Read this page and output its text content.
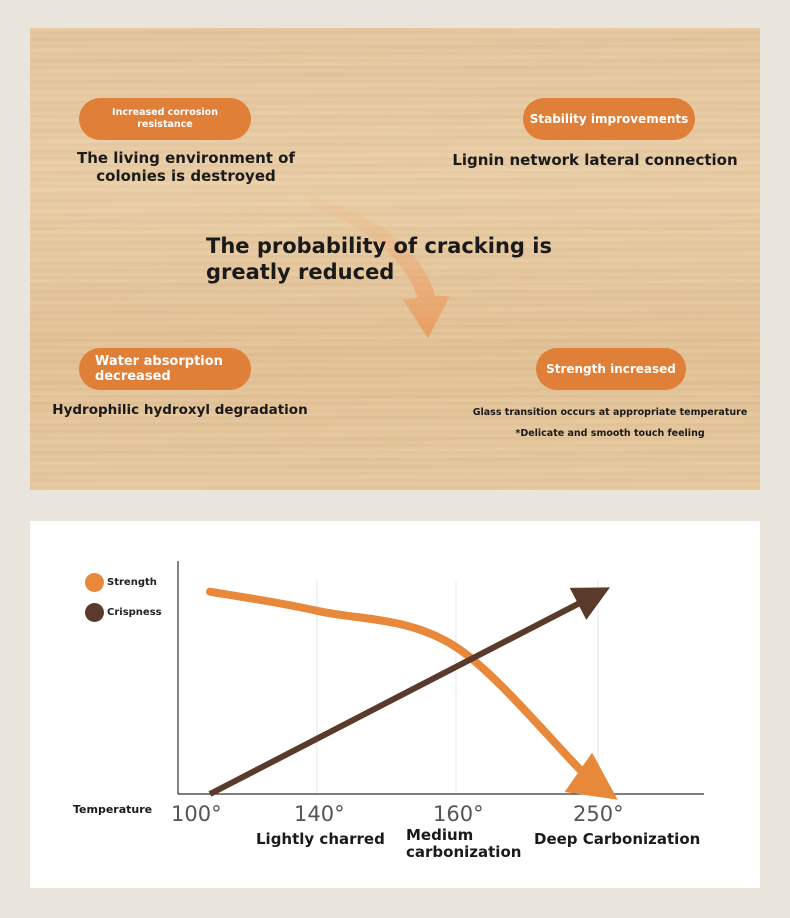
Increased corrosion resistance	Stability improvements
The living environment of colonies is destroyed
Lignin network lateral connection
The probability of cracking is greatly reduced
Water absorption decreased	Strength increased
Hydrophilic hydroxyl degradation	Glass transition occurs at appropriate temperature
*Delicate and smooth touch feeling
Strength
Crispness
Temperature 100°	140°	160°	250°
Lightly charred Medium carbonization
Deep Carbonization
